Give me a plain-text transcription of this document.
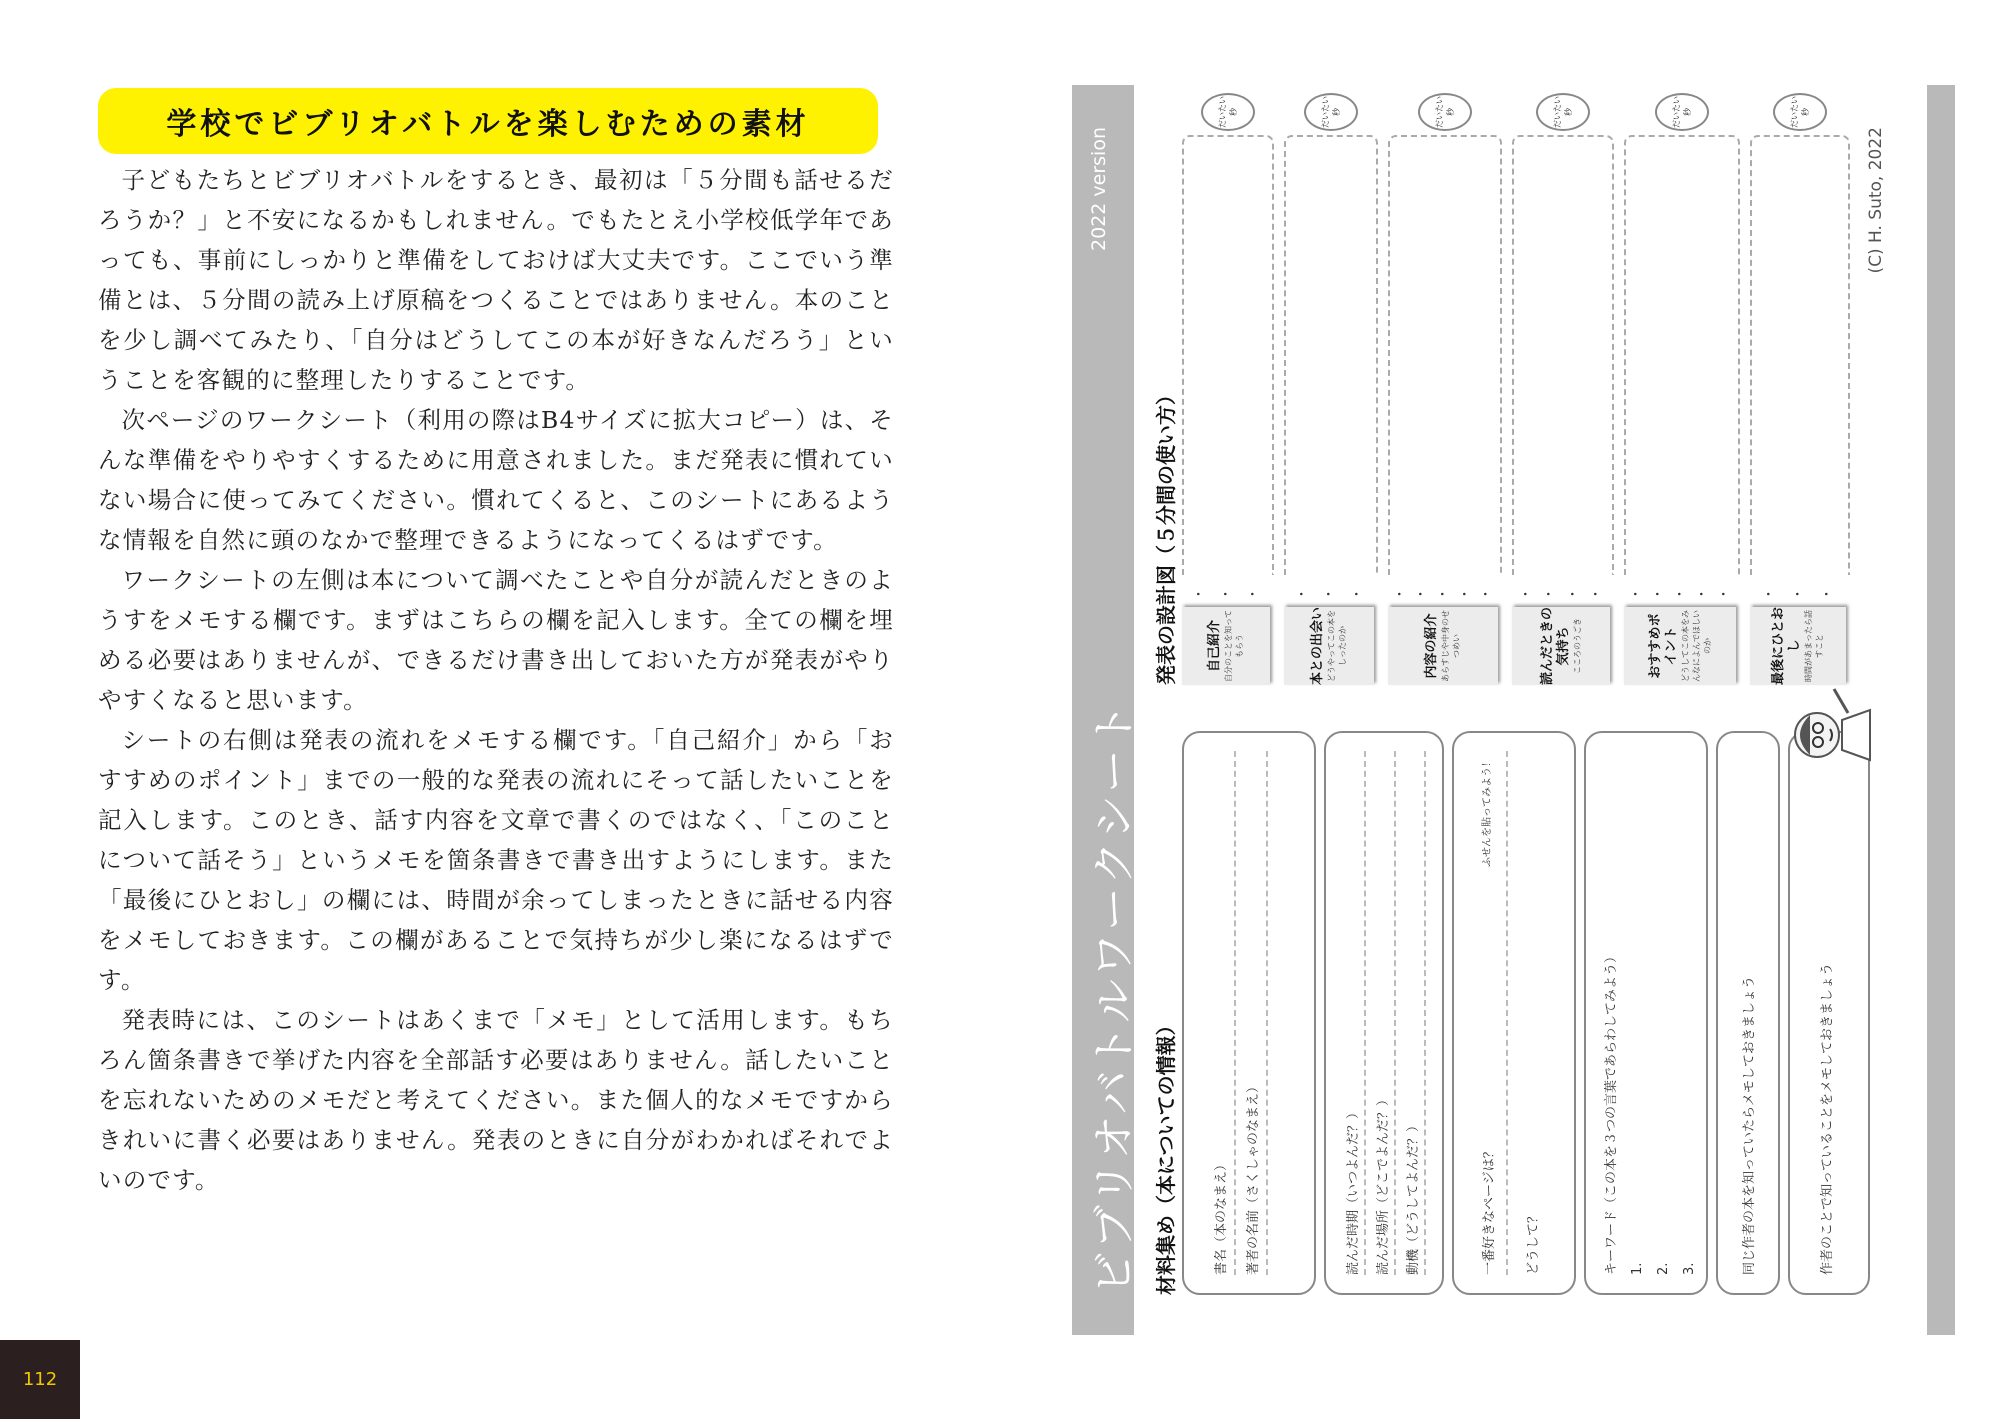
学校でビブリオバトルを楽しむための素材

子どもたちとビブリオバトルをするとき、最初は「５分間も話せるだろうか？」と不安になるかもしれません。でもたとえ小学校低学年であっても、事前にしっかりと準備をしておけば大丈夫です。ここでいう準備とは、５分間の読み上げ原稿をつくることではありません。本のことを少し調べてみたり、「自分はどうしてこの本が好きなんだろう」ということを客観的に整理したりすることです。

次ページのワークシート（利用の際はB4サイズに拡大コピー）は、そんな準備をやりやすくするために用意されました。まだ発表に慣れていない場合に使ってみてください。慣れてくると、このシートにあるような情報を自然に頭のなかで整理できるようになってくるはずです。

ワークシートの左側は本について調べたことや自分が読んだときのようすをメモする欄です。まずはこちらの欄を記入します。全ての欄を埋める必要はありませんが、できるだけ書き出しておいた方が発表がやりやすくなると思います。

シートの右側は発表の流れをメモする欄です。「自己紹介」から「おすすめのポイント」までの一般的な発表の流れにそって話したいことを記入します。このとき、話す内容を文章で書くのではなく、「このことについて話そう」というメモを箇条書きで書き出すようにします。また「最後にひとおし」の欄には、時間が余ってしまったときに話せる内容をメモしておきます。この欄があることで気持ちが少し楽になるはずです。

発表時には、このシートはあくまで「メモ」として活用します。もちろん箇条書きで挙げた内容を全部話す必要はありません。話したいことを忘れないためのメモだと考えてください。また個人的なメモですからきれいに書く必要はありません。発表のときに自分がわかればそれでよいのです。

112
ビブリオバトルワークシート
2022 version	(C) H. Suto, 2022
材料集め（本についての情報）
発表の設計図（５分間の使い方）
書名（本のなまえ）	著者の名前（さくしゃのなまえ）	読んだ時期（いつよんだ？）	読んだ場所（どこでよんだ？）	動機（どうしてよんだ？）	一番好きなページは？
ふせんを貼ってみよう！
どうして？	キーワード（この本を３つの言葉であらわしてみよう） 1. 2. 3.	同じ作者の本を知っていたらメモしておきましょう	作者のことで知っていることをメモしておきましょう
自己紹介 自分のことを知ってもらう
・ ・ ・
だいたい 秒
本との出会い どうやってこの本をしったのか
・ ・ ・
だいたい 秒
内容の紹介 あらすじや中身のせつめい
・ ・ ・ ・ ・
だいたい 秒
読んだときの気持ち こころのうごき
・ ・ ・ ・
だいたい 秒
おすすめポイント どうしてこの本をみんなによんでほしいのか
・ ・ ・ ・ ・
だいたい 秒
最後にひとおし 時間があまったら話すこと
・ ・ ・
だいたい 秒
